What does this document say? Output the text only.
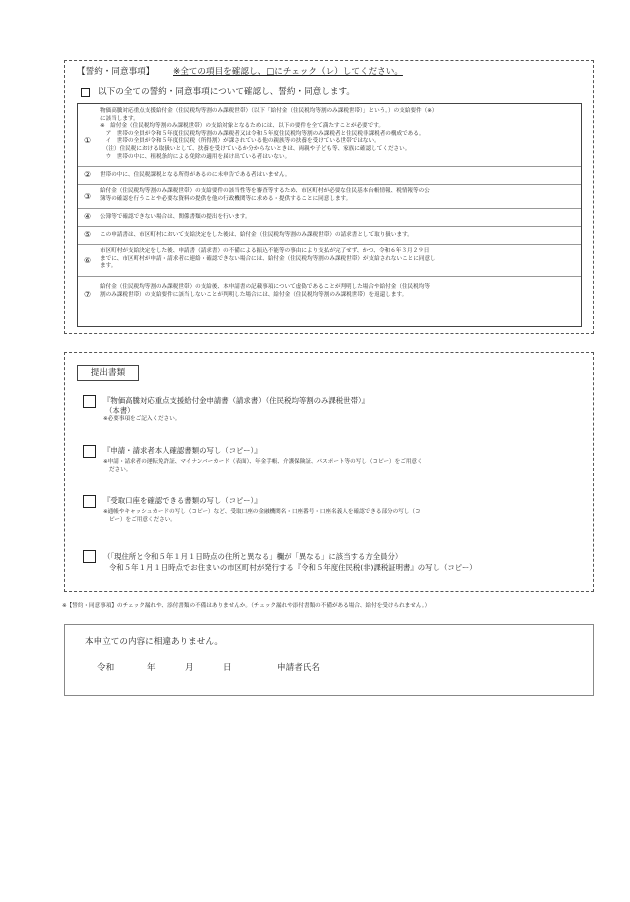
【誓約・同意事項】 ※全ての項目を確認し、□にチェック（レ）してください。
以下の全ての誓約・同意事項について確認し、誓約・同意します。
①
物価高騰対応重点支援給付金（住民税均等割のみ課税世帯）（以下「給付金（住民税均等割のみ課税世帯）」という。）の支給要件（※）
に該当します。
※　給付金（住民税均等割のみ課税世帯）の支給対象となるためには、以下の要件を全て満たすことが必要です。
　ア　世帯の全員が令和５年度住民税均等割のみ課税者又は令和５年度住民税均等割のみ課税者と住民税非課税者の構成である。
　イ　世帯の全員が令和５年度住民税（所得割）が課されている他の親族等の扶養を受けている世帯ではない。
　（注）住民税における取扱いとして、扶養を受けているか分からないときは、両親や子ども等、家族に確認してください。
　ウ　世帯の中に、租税条約による免除の適用を届け出ている者はいない。
② 世帯の中に、住民税課税となる所得があるのに未申告である者はいません。
③
給付金（住民税均等割のみ課税世帯）の支給要件の該当性等を審査等するため、市区町村が必要な住民基本台帳情報、税情報等の公
簿等の確認を行うことや必要な資料の提供を他の行政機関等に求める・提供することに同意します。
④ 公簿等で確認できない場合は、関係書類の提出を行います。
⑤ この申請書は、市区町村において支給決定をした後は、給付金（住民税均等割のみ課税世帯）の請求書として取り扱います。
⑥
市区町村が支給決定をした後、申請書（請求書）の不備による振込不能等の事由により支払が完了せず、かつ、令和６年３月２９日
までに、市区町村が申請・請求者に連絡・確認できない場合には、給付金（住民税均等割のみ課税世帯）が支給されないことに同意し
ます。
⑦
給付金（住民税均等割のみ課税世帯）の支給後、本申請書の記載事項について虚偽であることが判明した場合や給付金（住民税均等
割のみ課税世帯）の支給要件に該当しないことが判明した場合には、給付金（住民税均等割のみ課税世帯）を返還します。
提出書類
『物価高騰対応重点支援給付金申請書（請求書）（住民税均等割のみ課税世帯）』
（本書）
※必要事項をご記入ください。
『申請・請求者本人確認書類の写し（コピー）』
※申請・請求者の運転免許証、マイナンバーカード（表面）、年金手帳、介護保険証、パスポート等の写し（コピー）をご用意く
ださい。
『受取口座を確認できる書類の写し（コピー）』
※通帳やキャッシュカードの写し（コピー）など、受取口座の金融機関名・口座番号・口座名義人を確認できる部分の写し（コ
ピー）をご用意ください。
（「現住所と令和５年１月１日時点の住所と異なる」欄が「異なる」に該当する方全員分）
令和５年１月１日時点でお住まいの市区町村が発行する『令和５年度住民税(非)課税証明書』の写し（コピー）
※【誓約・同意事項】のチェック漏れや、添付書類の不備はありませんか。（チェック漏れや添付書類の不備がある場合、給付を受けられません。）
本申立ての内容に相違ありません。
令和	年	月	日	申請者氏名
